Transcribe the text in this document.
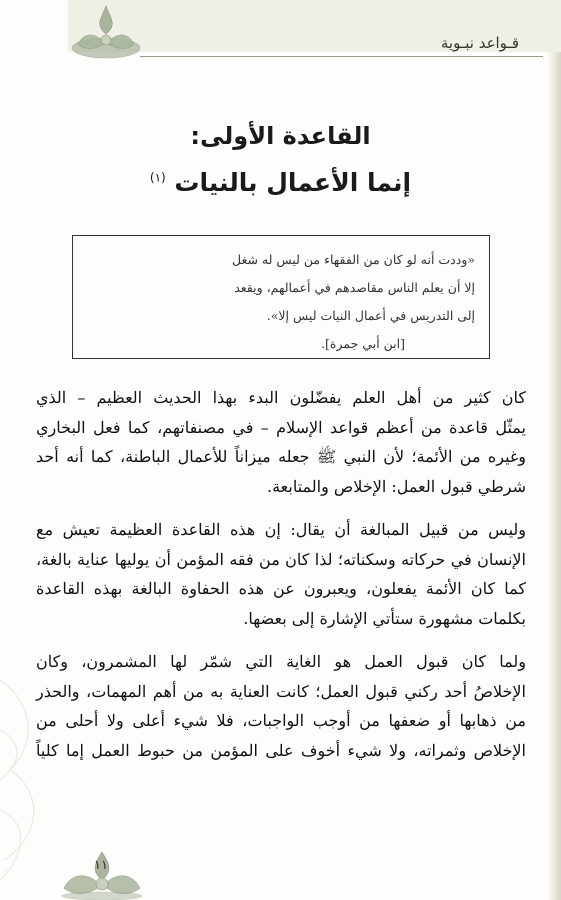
قـواعد نبـوية
القاعدة الأولى:
إنما الأعمال بالنيات $^{(١)}$
«وددت أنه لو كان من الفقهاء من ليس له شغل
إلا أن يعلم الناس مقاصدهم في أعمالهم، ويقعد
إلى التدريس في أعمال النيات ليس إلا».
[ابن أبي جمرة].
كان كثير من أهل العلم يفضّلون البدء بهذا الحديث العظيم – الذي
يمثّل قاعدة من أعظم قواعد الإسلام – في مصنفاتهم، كما فعل البخاري
وغيره من الأئمة؛ لأن النبي ﷺ جعله ميزاناً للأعمال الباطنة، كما أنه أحد
شرطي قبول العمل: الإخلاص والمتابعة.
وليس من قبيل المبالغة أن يقال: إن هذه القاعدة العظيمة تعيش مع
الإنسان في حركاته وسكناته؛ لذا كان من فقه المؤمن أن يوليها عناية بالغة،
كما كان الأئمة يفعلون، ويعبرون عن هذه الحفاوة البالغة بهذه القاعدة
بكلمات مشهورة ستأتي الإشارة إلى بعضها.
ولما كان قبول العمل هو الغاية التي شمّر لها المشمرون، وكان
الإخلاصُ أحد ركني قبول العمل؛ كانت العناية به من أهم المهمات، والحذر
من ذهابها أو ضعفها من أوجب الواجبات، فلا شيء أعلى ولا أحلى من
الإخلاص وثمراته، ولا شيء أخوف على المؤمن من حبوط العمل إما كلياً
١١
